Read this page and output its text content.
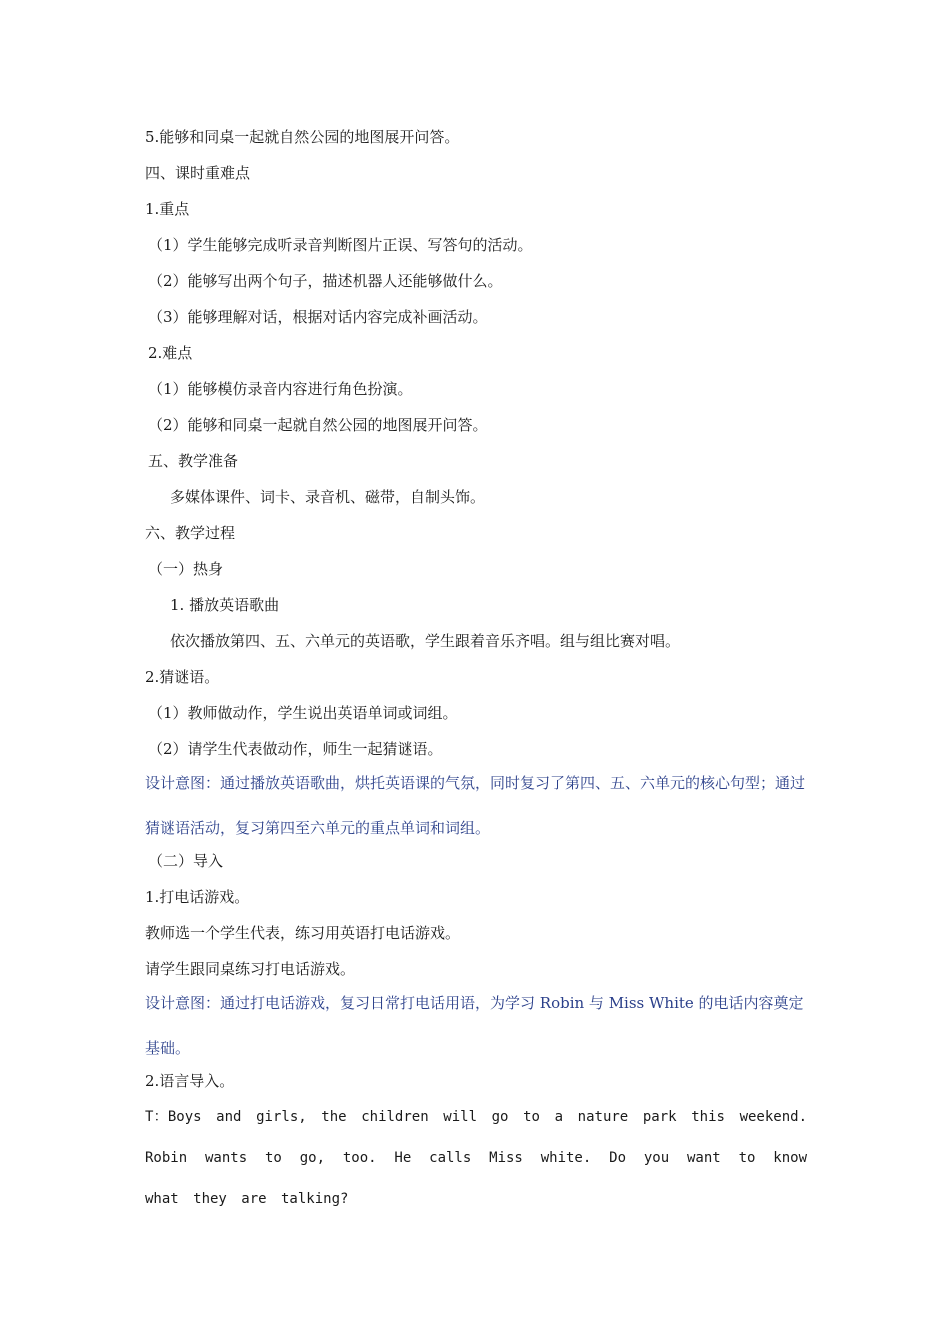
5.能够和同桌一起就自然公园的地图展开问答。
四、课时重难点
1.重点
（1）学生能够完成听录音判断图片正误、写答句的活动。
（2）能够写出两个句子，描述机器人还能够做什么。
（3）能够理解对话，根据对话内容完成补画活动。
2.难点
（1）能够模仿录音内容进行角色扮演。
（2）能够和同桌一起就自然公园的地图展开问答。
五、教学准备
多媒体课件、词卡、录音机、磁带，自制头饰。
六、教学过程
（一）热身
1. 播放英语歌曲
依次播放第四、五、六单元的英语歌，学生跟着音乐齐唱。组与组比赛对唱。
2.猜谜语。
（1）教师做动作，学生说出英语单词或词组。
（2）请学生代表做动作，师生一起猜谜语。
设计意图：通过播放英语歌曲，烘托英语课的气氛，同时复习了第四、五、六单元的核心句型；通过猜谜语活动，复习第四至六单元的重点单词和词组。
（二）导入
1.打电话游戏。
教师选一个学生代表，练习用英语打电话游戏。
请学生跟同桌练习打电话游戏。
设计意图：通过打电话游戏，复习日常打电话用语，为学习 Robin 与 Miss White 的电话内容奠定基础。
2.语言导入。
T：Boys and girls, the children will go to a nature park this weekend. Robin wants to go, too. He calls Miss white. Do you want to know what they are talking?
